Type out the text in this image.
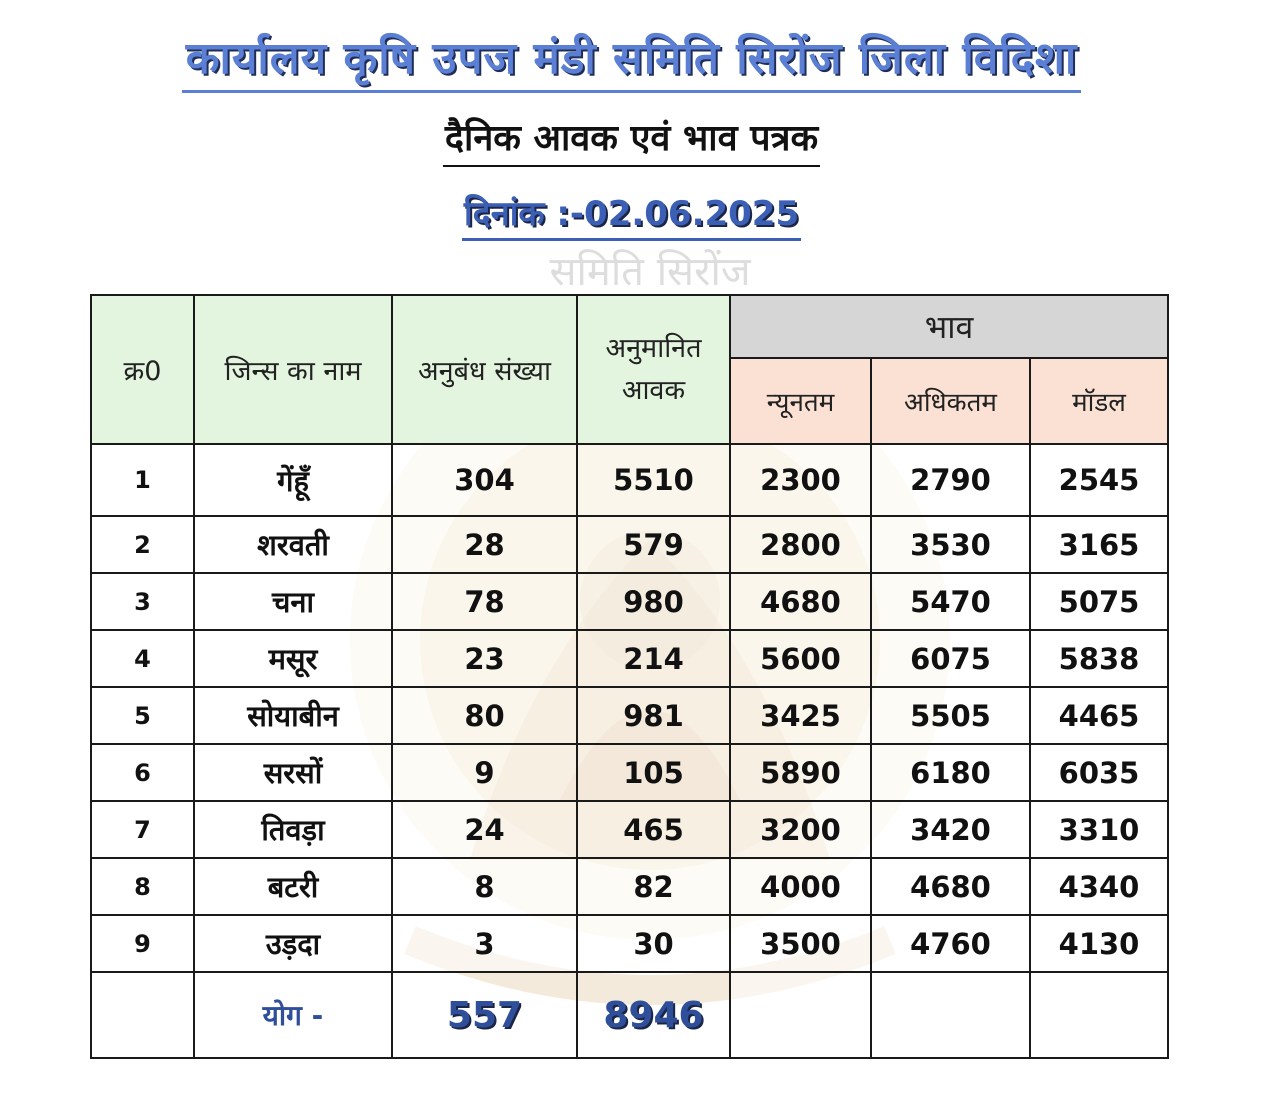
समिति सिरोंज
कार्यालय कृषि उपज मंडी समिति सिरोंज जिला विदिशा
दैनिक आवक एवं भाव पत्रक
दिनांक :-02.06.2025
क्र0	जिन्स का नाम	अनुबंध संख्या	अनुमानित आवक	भाव		
				न्यूनतम	अधिकतम	मॉडल
1	गेंहूँ	304	5510	2300	2790	2545
2	शरवती	28	579	2800	3530	3165
3	चना	78	980	4680	5470	5075
4	मसूर	23	214	5600	6075	5838
5	सोयाबीन	80	981	3425	5505	4465
6	सरसों	9	105	5890	6180	6035
7	तिवड़ा	24	465	3200	3420	3310
8	बटरी	8	82	4000	4680	4340
9	उड़दा	3	30	3500	4760	4130
	योग -	557	8946			
